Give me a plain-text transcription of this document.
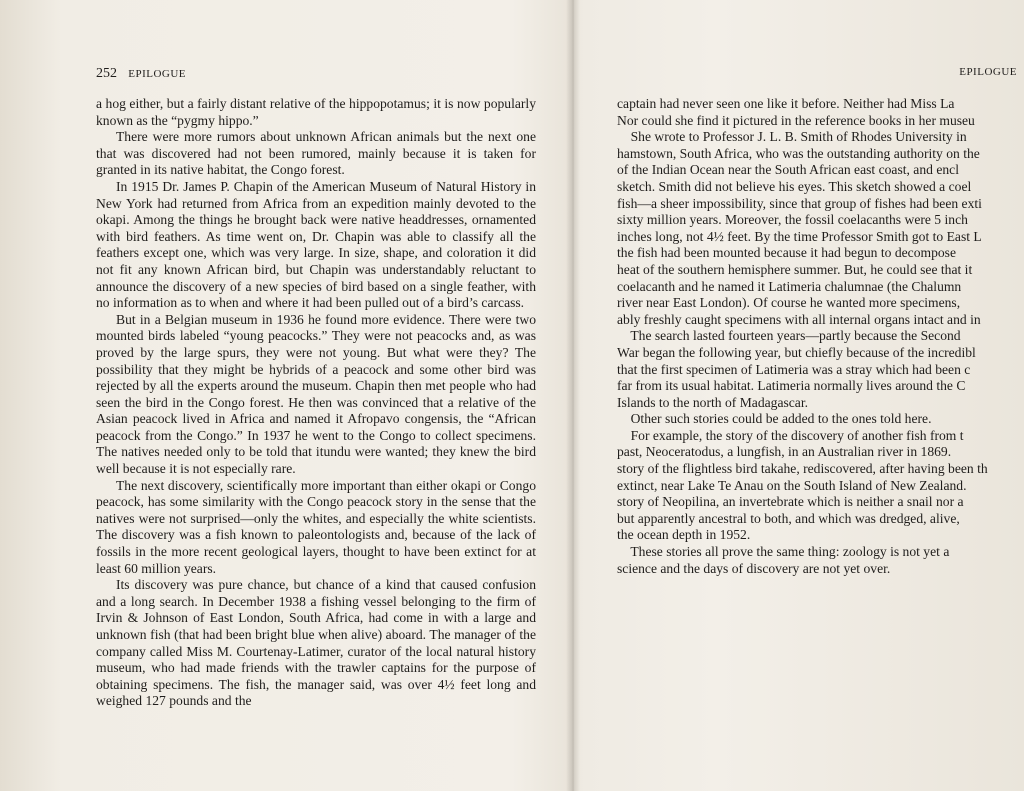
252 EPILOGUE

a hog either, but a fairly distant relative of the hippopotamus; it is now popularly known as the “pygmy hippo.”

There were more rumors about unknown African animals but the next one that was discovered had not been rumored, mainly because it is taken for granted in its native habitat, the Congo forest.

In 1915 Dr. James P. Chapin of the American Museum of Natural History in New York had returned from Africa from an expedition mainly devoted to the okapi. Among the things he brought back were native headdresses, ornamented with bird feathers. As time went on, Dr. Chapin was able to classify all the feathers except one, which was very large. In size, shape, and coloration it did not fit any known African bird, but Chapin was understandably reluctant to announce the discovery of a new species of bird based on a single feather, with no information as to when and where it had been pulled out of a bird’s carcass.

But in a Belgian museum in 1936 he found more evidence. There were two mounted birds labeled “young peacocks.” They were not peacocks and, as was proved by the large spurs, they were not young. But what were they? The possibility that they might be hybrids of a peacock and some other bird was rejected by all the experts around the museum. Chapin then met people who had seen the bird in the Congo forest. He then was convinced that a relative of the Asian peacock lived in Africa and named it Afropavo congensis, the “African peacock from the Congo.” In 1937 he went to the Congo to collect specimens. The natives needed only to be told that itundu were wanted; they knew the bird well because it is not especially rare.

The next discovery, scientifically more important than either okapi or Congo peacock, has some similarity with the Congo peacock story in the sense that the natives were not surprised—only the whites, and especially the white scientists. The discovery was a fish known to paleontologists and, because of the lack of fossils in the more recent geological layers, thought to have been extinct for at least 60 million years.

Its discovery was pure chance, but chance of a kind that caused confusion and a long search. In December 1938 a fishing vessel belonging to the firm of Irvin & Johnson of East London, South Africa, had come in with a large and unknown fish (that had been bright blue when alive) aboard. The manager of the company called Miss M. Courtenay-Latimer, curator of the local natural history museum, who had made friends with the trawler captains for the purpose of obtaining specimens. The fish, the manager said, was over 4½ feet long and weighed 127 pounds and the

EPILOGUE
captain had never seen one like it before. Neither had Miss La
Nor could she find it pictured in the reference books in her museu
She wrote to Professor J. L. B. Smith of Rhodes University in
hamstown, South Africa, who was the outstanding authority on the
of the Indian Ocean near the South African east coast, and encl
sketch. Smith did not believe his eyes. This sketch showed a coel
fish—a sheer impossibility, since that group of fishes had been exti
sixty million years. Moreover, the fossil coelacanths were 5 inch
inches long, not 4½ feet. By the time Professor Smith got to East L
the fish had been mounted because it had begun to decompose
heat of the southern hemisphere summer. But, he could see that it
coelacanth and he named it Latimeria chalumnae (the Chalumn
river near East London). Of course he wanted more specimens,
ably freshly caught specimens with all internal organs intact and in
The search lasted fourteen years—partly because the Second
War began the following year, but chiefly because of the incredibl
that the first specimen of Latimeria was a stray which had been c
far from its usual habitat. Latimeria normally lives around the C
Islands to the north of Madagascar.
Other such stories could be added to the ones told here.
For example, the story of the discovery of another fish from t
past, Neoceratodus, a lungfish, in an Australian river in 1869.
story of the flightless bird takahe, rediscovered, after having been th
extinct, near Lake Te Anau on the South Island of New Zealand.
story of Neopilina, an invertebrate which is neither a snail nor a
but apparently ancestral to both, and which was dredged, alive,
the ocean depth in 1952.
These stories all prove the same thing: zoology is not yet a
science and the days of discovery are not yet over.
